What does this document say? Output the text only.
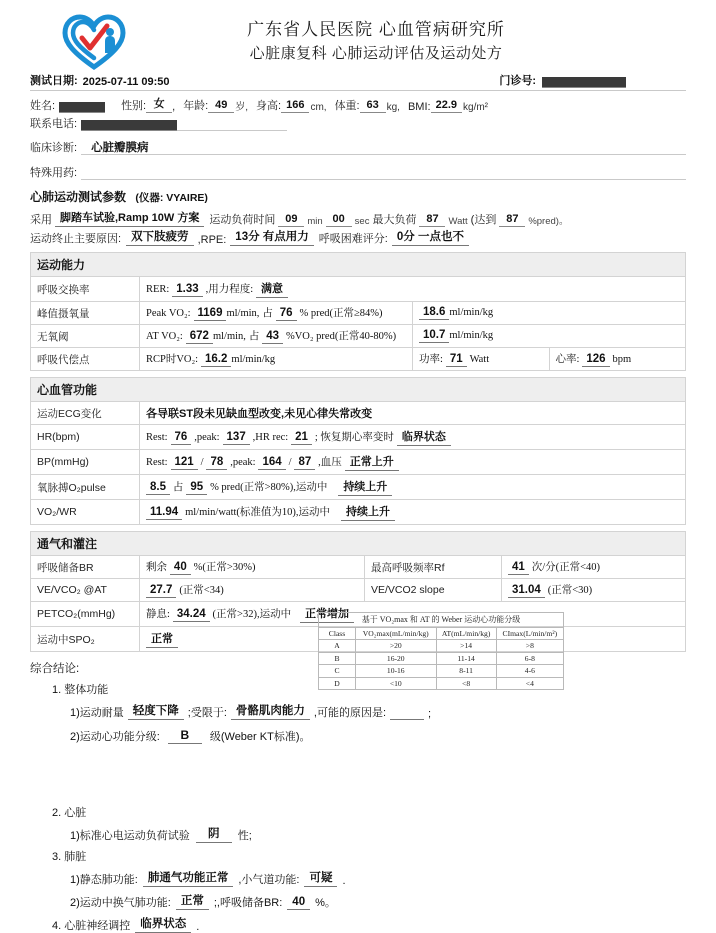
广东省人民医院 心血管病研究所
心脏康复科 心肺运动评估及运动处方
测试日期: 2025-07-11 09:50	门诊号:
姓名:	性别: 女 , 年龄: 49 岁, 身高: 166 cm, 体重: 63 kg, BMI: 22.9 kg/m²
联系电话:
临床诊断:	心脏瓣膜病
特殊用药:
心肺运动测试参数 (仪器: VYAIRE)
采用 脚踏车试验,Ramp 10W 方案 运动负荷时间 09	min 00	sec 最大负荷 87	Watt (达到 87	%pred)。
运动终止主要原因: 双下肢疲劳 ,RPE: 13分 有点用力 呼吸困难评分: 0分 一点也不
运动能力
呼吸交换率	RER: 1.33 ,用力程度: 满意	
峰值摄氧量	Peak VO₂: 1169 ml/min, 占 76 % pred(正常≥84%)	18.6 ml/min/kg
无氧阈	AT VO₂: 672 ml/min, 占 43 %VO₂ pred(正常40-80%)	10.7 ml/min/kg
呼吸代偿点	RCP时VO₂: 16.2 ml/min/kg	功率: 71 Watt 心率: 126 bpm
心血管功能
运动ECG变化	各导联ST段未见缺血型改变,未见心律失常改变
HR(bpm)	Rest: 76 ,peak: 137 ,HR rec: 21 ; 恢复期心率变时 临界状态
BP(mmHg)	Rest: 121 / 78 ,peak: 164 / 87 ,血压 正常上升
氧脉搏O₂pulse	8.5 占 95 % pred(正常>80%),运动中 持续上升
VO₂/WR	11.94 ml/min/watt(标准值为10),运动中 持续上升
通气和灌注
呼吸储备BR	剩余 40 %(正常>30%)	最高呼吸频率Rf	41 次/分(正常<40)
VE/VCO₂ @AT	27.7 (正常<34)	VE/VCO2 slope	31.04 (正常<30)
PETCO₂(mmHg)	静息: 34.24 (正常>32),运动中 正常增加		
运动中SPO₂	正常		
综合结论:
1. 整体功能
1)运动耐量 轻度下降 ;受限于: 骨骼肌肉能力 ,可能的原因是:	;
2)运动心功能分级:	B	级(Weber KT标准)。
2. 心脏
1)标准心电运动负荷试验	阴	性;
3. 肺脏
1)静态肺功能: 肺通气功能正常 ,小气道功能: 可疑 .
2)运动中换气肺功能: 正常 ;,呼吸储备BR: 40 %。
4. 心脏神经调控 临界状态 .
基于 VO₂max 和 AT 的 Weber 运动心功能分级			
Class	VO₂max(mL/min/kg)	AT(mL/min/kg)	CImax(L/min/m²)
A	>20	>14	>8
B	16-20	11-14	6-8
C	10-16	8-11	4-6
D	<10	<8	<4
